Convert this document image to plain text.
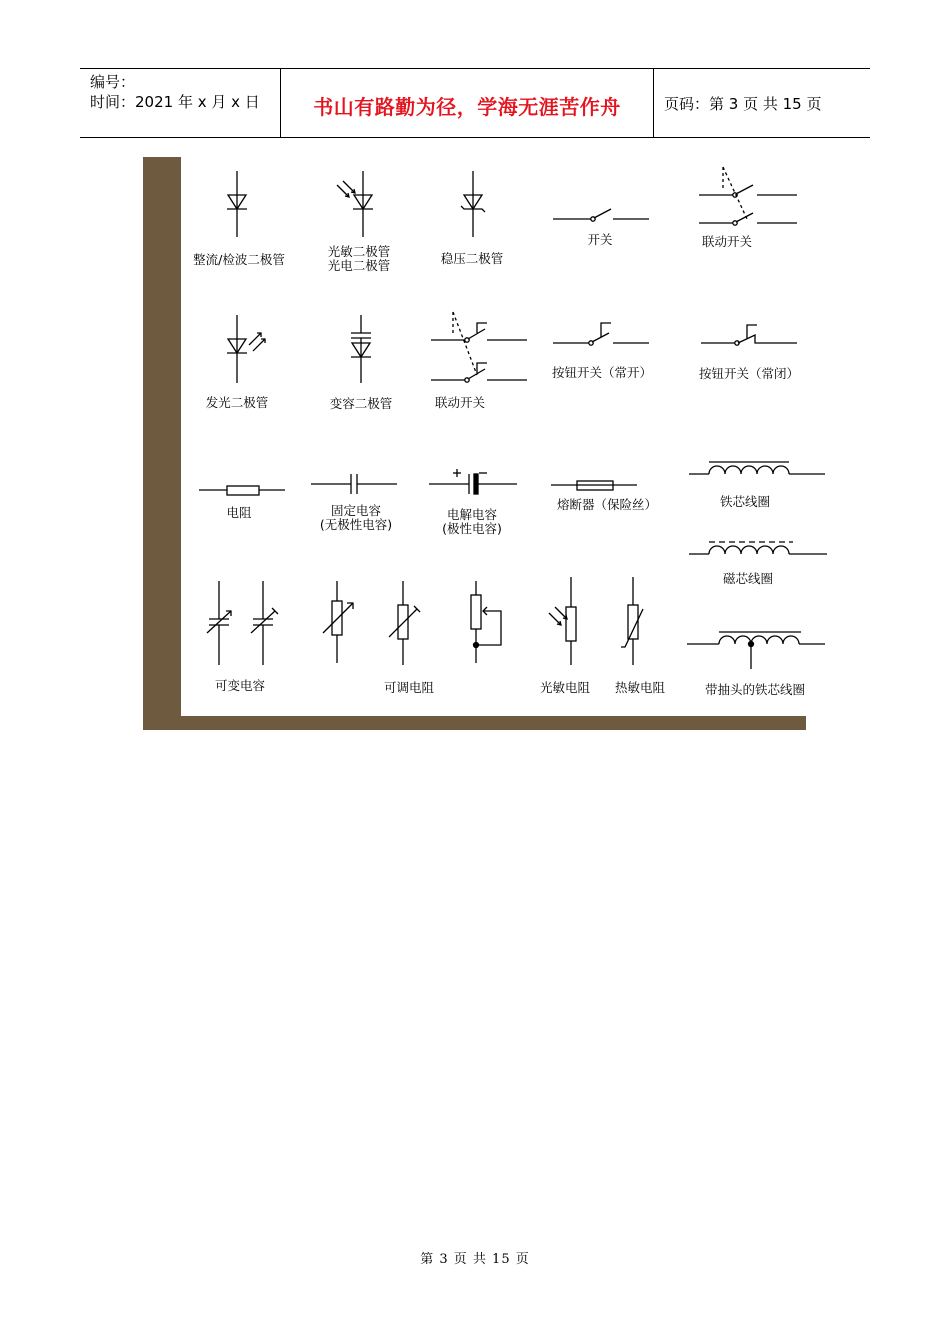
编号：
时间：2021 年 x 月 x 日	书山有路勤为径，学海无涯苦作舟	页码：第 3 页 共 15 页
整流/检波二极管
光敏二极管
光电二极管	稳压二极管
开关	联动开关
发光二极管	变容二极管	联动开关
按钮开关（常开）	按钮开关（常闭）
电阻	固定电容
(无极性电容)
电解电容
(极性电容)
熔断器（保险丝）	铁芯线圈
磁芯线圈
可变电容	可调电阻	光敏电阻 热敏电阻	带抽头的铁芯线圈
第 3 页 共 15 页
